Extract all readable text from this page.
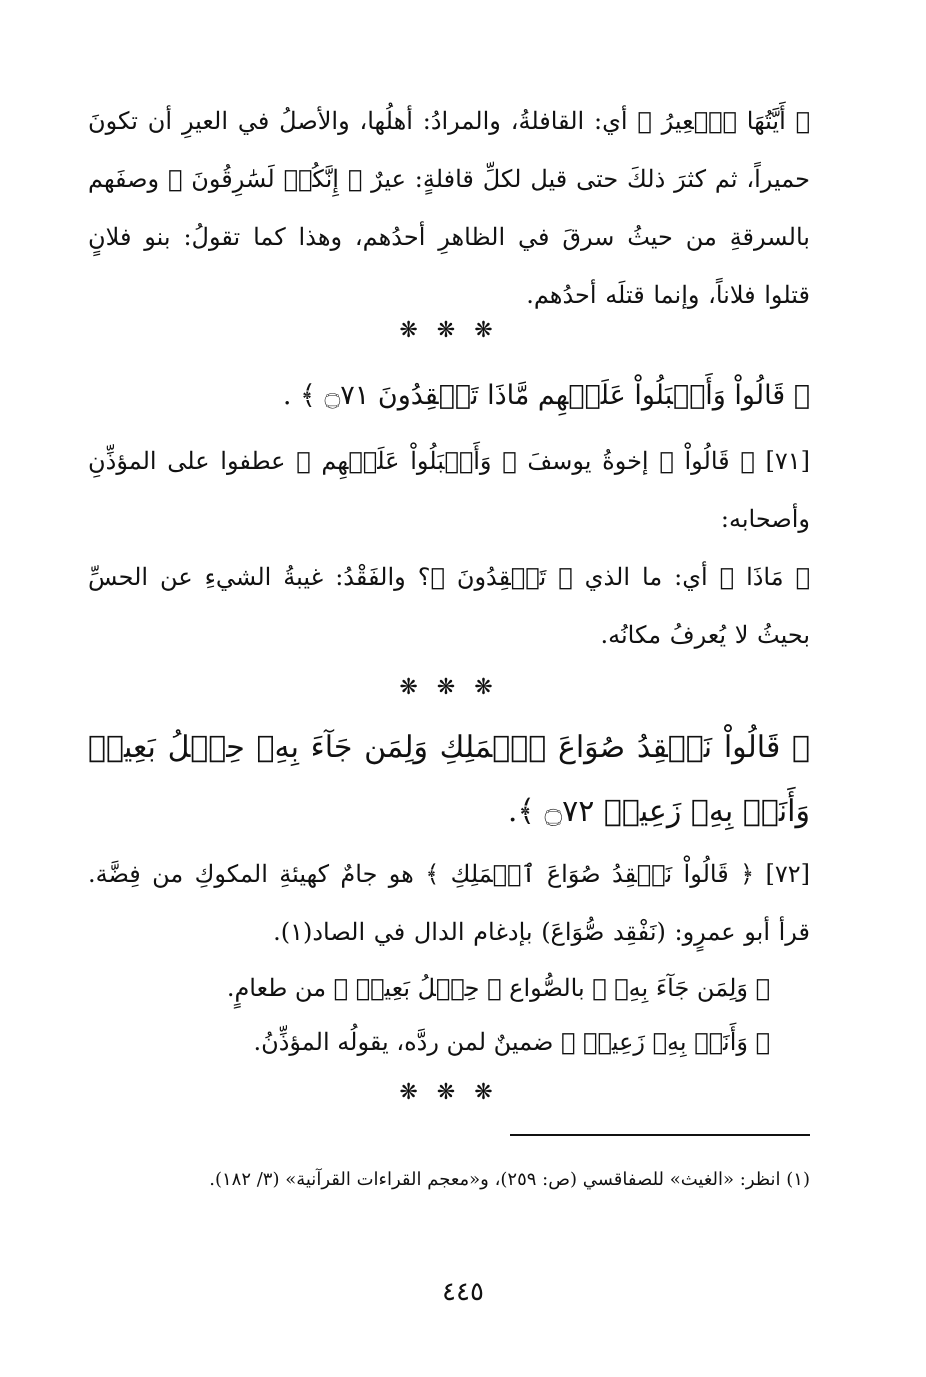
﴿ أَيَّتُهَا ٱلۡعِيرُ ﴾ أي: القافلةُ، والمرادُ: أهلُها، والأصلُ في العيرِ أن تكونَ حميراً، ثم كثرَ ذلكَ حتى قيل لكلِّ قافلةٍ: عيرٌ ﴿ إِنَّكُمۡ لَسَٰرِقُونَ ﴾ وصفَهم بالسرقةِ من حيثُ سرقَ في الظاهرِ أحدُهم، وهذا كما تقولُ: بنو فلانٍ قتلوا فلاناً، وإنما قتلَه أحدُهم.
❋ ❋ ❋
﴿ قَالُواْ وَأَقۡبَلُواْ عَلَيۡهِم مَّاذَا تَفۡقِدُونَ ۝٧١ ﴾ .
[٧١] ﴿ قَالُواْ ﴾ إخوةُ يوسفَ ﴿ وَأَقۡبَلُواْ عَلَيۡهِم ﴾ عطفوا على المؤذِّنِ وأصحابه:
﴿ مَاذَا ﴾ أي: ما الذي ﴿ تَفۡقِدُونَ ﴾؟ والفَقْدُ: غيبةُ الشيءِ عن الحسِّ بحيثُ لا يُعرفُ مكانُه.
❋ ❋ ❋
﴿ قَالُواْ نَفۡقِدُ صُوَاعَ ٱلۡمَلِكِ وَلِمَن جَآءَ بِهِۦ حِمۡلُ بَعِيرٖ وَأَنَا۠ بِهِۦ زَعِيمٞ ۝٧٢ ﴾.
[٧٢] ﴿ قَالُواْ نَفۡقِدُ صُوَاعَ ٱلۡمَلِكِ ﴾ هو جامٌ كهيئةِ المكوكِ من فِضَّة. قرأ أبو عمرٍو: (نَفْقِد صُّوَاعَ) بإدغام الدال في الصاد(١).
﴿ وَلِمَن جَآءَ بِهِۦ ﴾ بالصُّواع ﴿ حِمۡلُ بَعِيرٖ ﴾ من طعامٍ.
﴿ وَأَنَا۠ بِهِۦ زَعِيمٞ ﴾ ضمينٌ لمن ردَّه، يقولُه المؤذِّنُ.
❋ ❋ ❋
(١) انظر: «الغيث» للصفاقسي (ص: ٢٥٩)، و«معجم القراءات القرآنية» (٣/ ١٨٢).
٤٤٥
